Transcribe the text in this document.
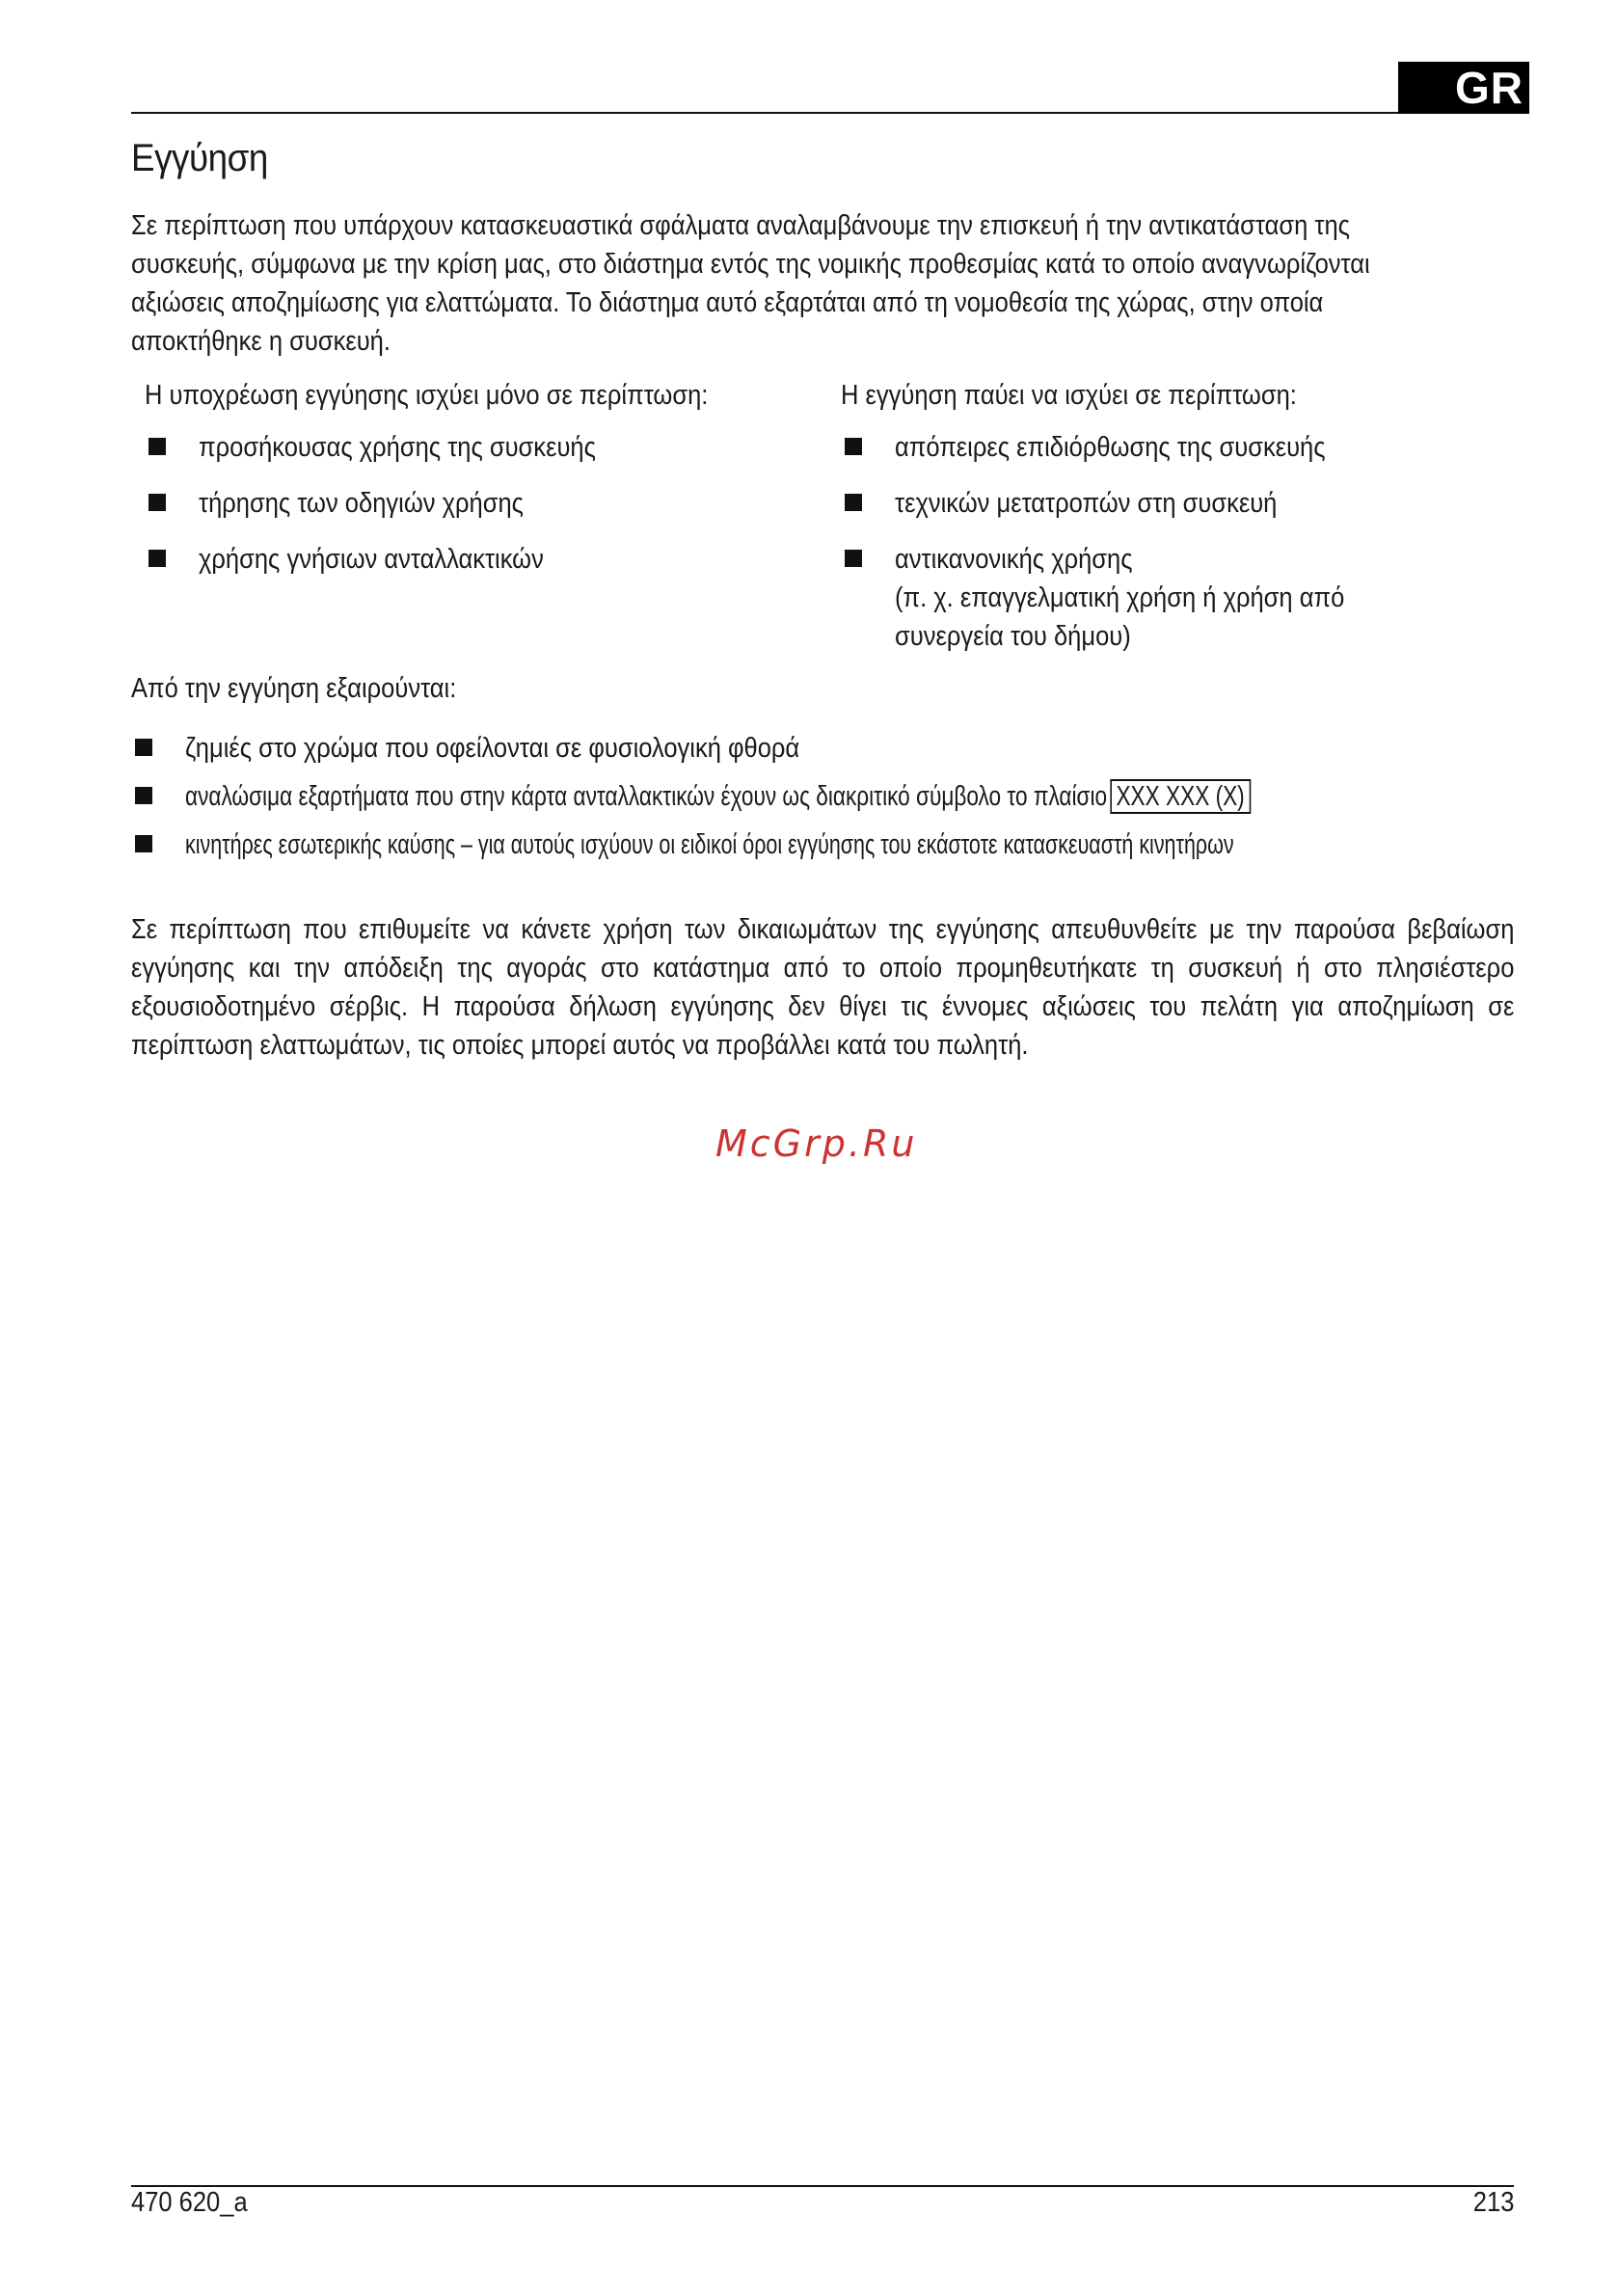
GR
Εγγύηση
Σε περίπτωση που υπάρχουν κατασκευαστικά σφάλματα αναλαμβάνουμε την επισκευή ή την αντικατάσταση της
συσκευής, σύμφωνα με την κρίση μας, στο διάστημα εντός της νομικής προθεσμίας κατά το οποίο αναγνωρίζονται
αξιώσεις αποζημίωσης για ελαττώματα. Το διάστημα αυτό εξαρτάται από τη νομοθεσία της χώρας, στην οποία
αποκτήθηκε η συσκευή.
Η υποχρέωση εγγύησης ισχύει μόνο σε περίπτωση:
προσήκουσας χρήσης της συσκευής
τήρησης των οδηγιών χρήσης
χρήσης γνήσιων ανταλλακτικών
Η εγγύηση παύει να ισχύει σε περίπτωση:
απόπειρες επιδιόρθωσης της συσκευής
τεχνικών μετατροπών στη συσκευή
αντικανονικής χρήσης
(π. χ. επαγγελματική χρήση ή χρήση από
συνεργεία του δήμου)
Από την εγγύηση εξαιρούνται:
ζημιές στο χρώμα που οφείλονται σε φυσιολογική φθορά
αναλώσιμα εξαρτήματα που στην κάρτα ανταλλακτικών έχουν ως διακριτικό σύμβολο το πλαίσιο XXX XXX (X)
κινητήρες εσωτερικής καύσης – για αυτούς ισχύουν οι ειδικοί όροι εγγύησης του εκάστοτε κατασκευαστή κινητήρων
Σε περίπτωση που επιθυμείτε να κάνετε χρήση των δικαιωμάτων της εγγύησης απευθυνθείτε με την παρούσα βεβαίωση εγγύησης και την απόδειξη της αγοράς στο κατάστημα από το οποίο προμηθευτήκατε τη συσκευή ή στο πλησιέστερο εξουσιοδοτημένο σέρβις. Η παρούσα δήλωση εγγύησης δεν θίγει τις έννομες αξιώσεις του πελάτη για αποζημίωση σε περίπτωση ελαττωμάτων, τις οποίες μπορεί αυτός να προβάλλει κατά του πωλητή.
McGrp.Ru
470 620_a	213
